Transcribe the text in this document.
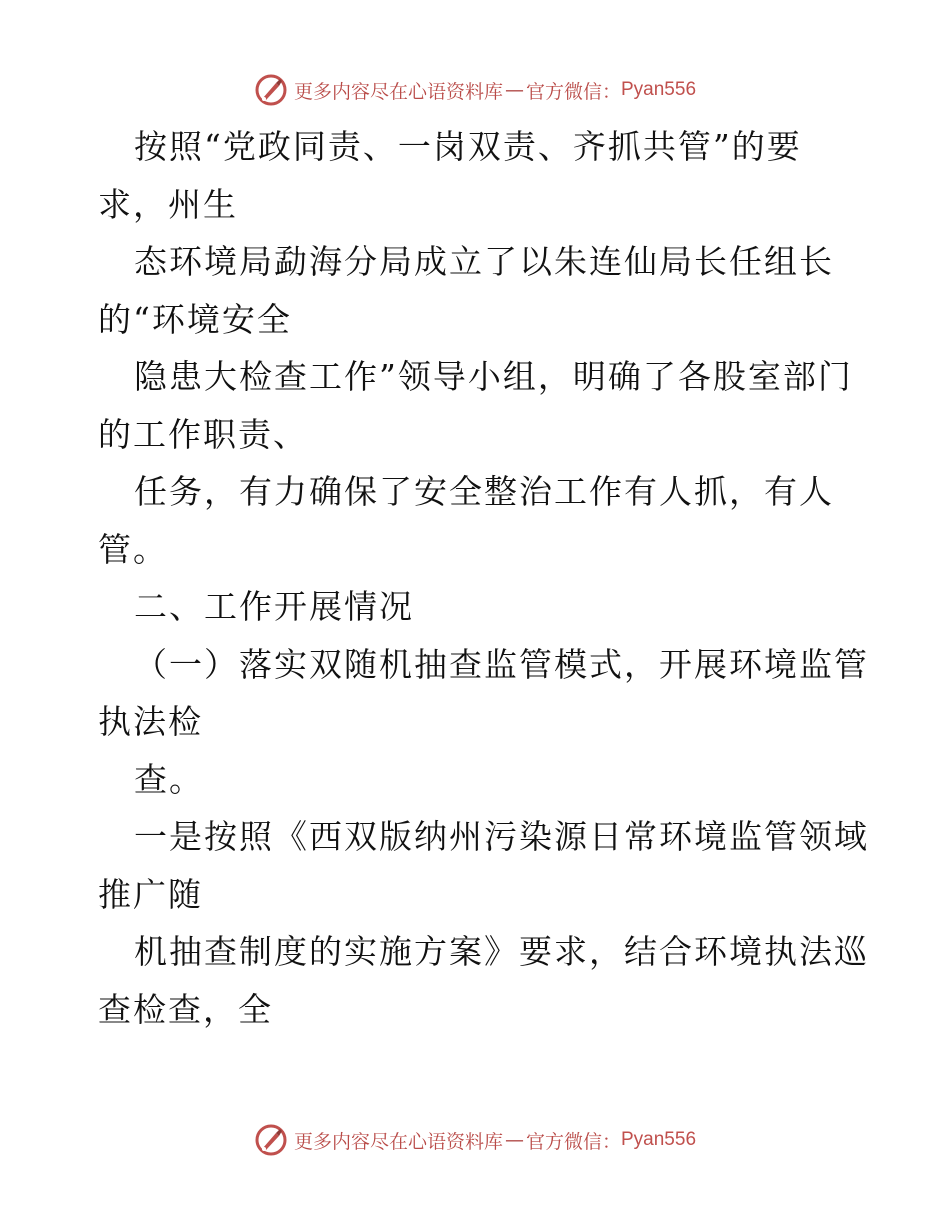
更多内容尽在心语资料库 — 官方微信： Pyan556
按照“党政同责、一岗双责、齐抓共管”的要
求，州生
态环境局勐海分局成立了以朱连仙局长任组长
的“环境安全
隐患大检查工作”领导小组，明确了各股室部门
的工作职责、
任务，有力确保了安全整治工作有人抓，有人
管。
二、工作开展情况
（一）落实双随机抽查监管模式，开展环境监管
执法检
查。
一是按照《西双版纳州污染源日常环境监管领域
推广随
机抽查制度的实施方案》要求，结合环境执法巡
查检查，全
更多内容尽在心语资料库 — 官方微信： Pyan556
